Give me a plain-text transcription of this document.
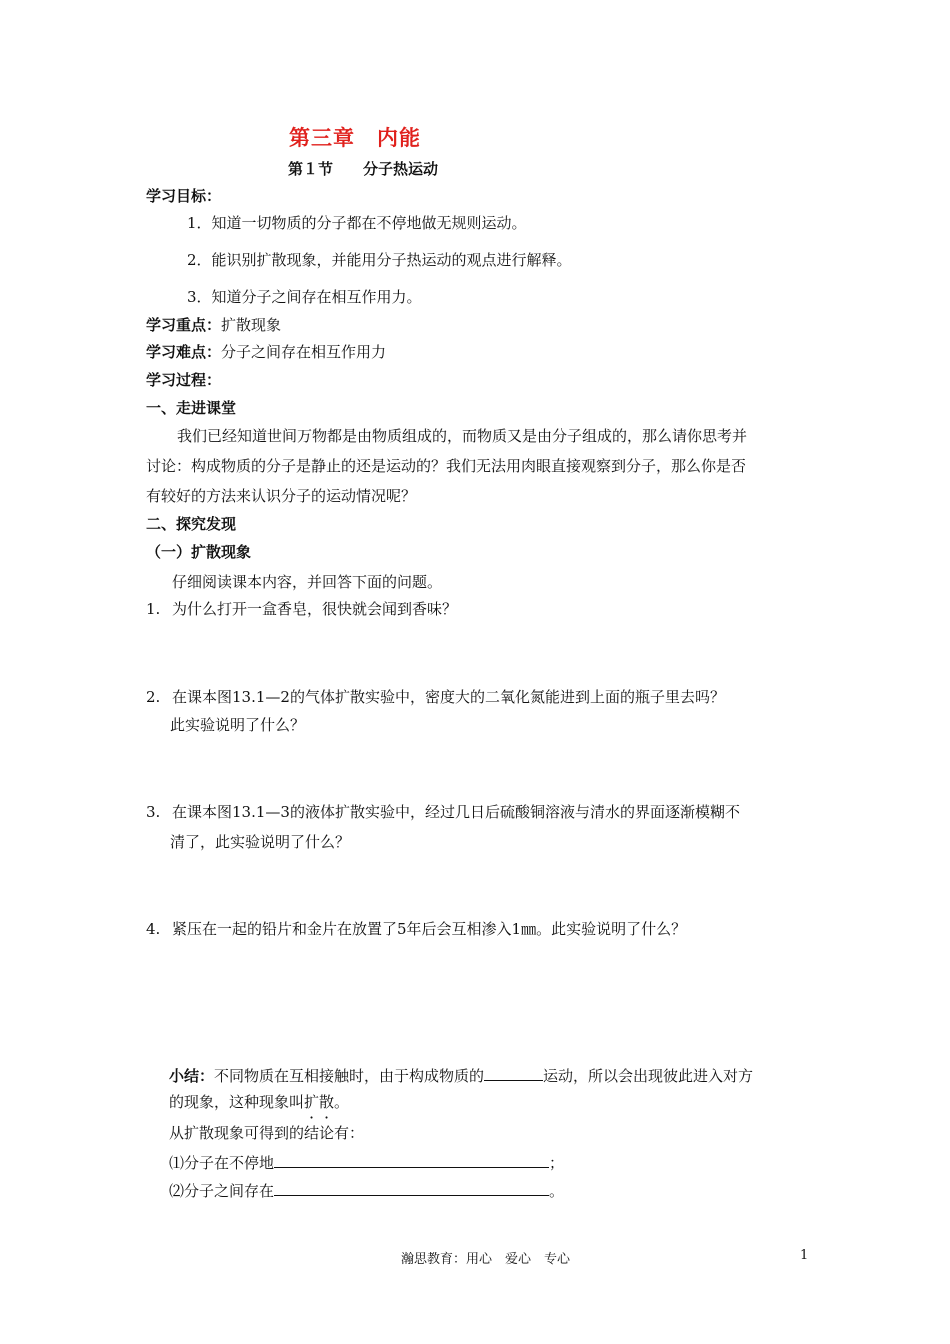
第三章　内能
第１节　　分子热运动
学习目标：
1．知道一切物质的分子都在不停地做无规则运动。
2．能识别扩散现象，并能用分子热运动的观点进行解释。
3．知道分子之间存在相互作用力。
学习重点：扩散现象
学习难点：分子之间存在相互作用力
学习过程：
一、走进课堂
我们已经知道世间万物都是由物质组成的，而物质又是由分子组成的，那么请你思考并
讨论：构成物质的分子是静止的还是运动的？我们无法用肉眼直接观察到分子，那么你是否
有较好的方法来认识分子的运动情况呢？
二、探究发现
（一）扩散现象
仔细阅读课本内容，并回答下面的问题。
1. 为什么打开一盒香皂，很快就会闻到香味？
2. 在课本图13.1—2的气体扩散实验中，密度大的二氧化氮能进到上面的瓶子里去吗？
此实验说明了什么？
3. 在课本图13.1—3的液体扩散实验中，经过几日后硫酸铜溶液与清水的界面逐渐模糊不
清了，此实验说明了什么？
4. 紧压在一起的铅片和金片在放置了5年后会互相渗入1㎜。此实验说明了什么？
小结：不同物质在互相接触时，由于构成物质的	运动，所以会出现彼此进入对方
的现象，这种现象叫扩散。
从扩散现象可得到的结论有：
⑴分子在不停地	；
⑵分子之间存在	。
瀚思教育：用心　爱心　专心	1
